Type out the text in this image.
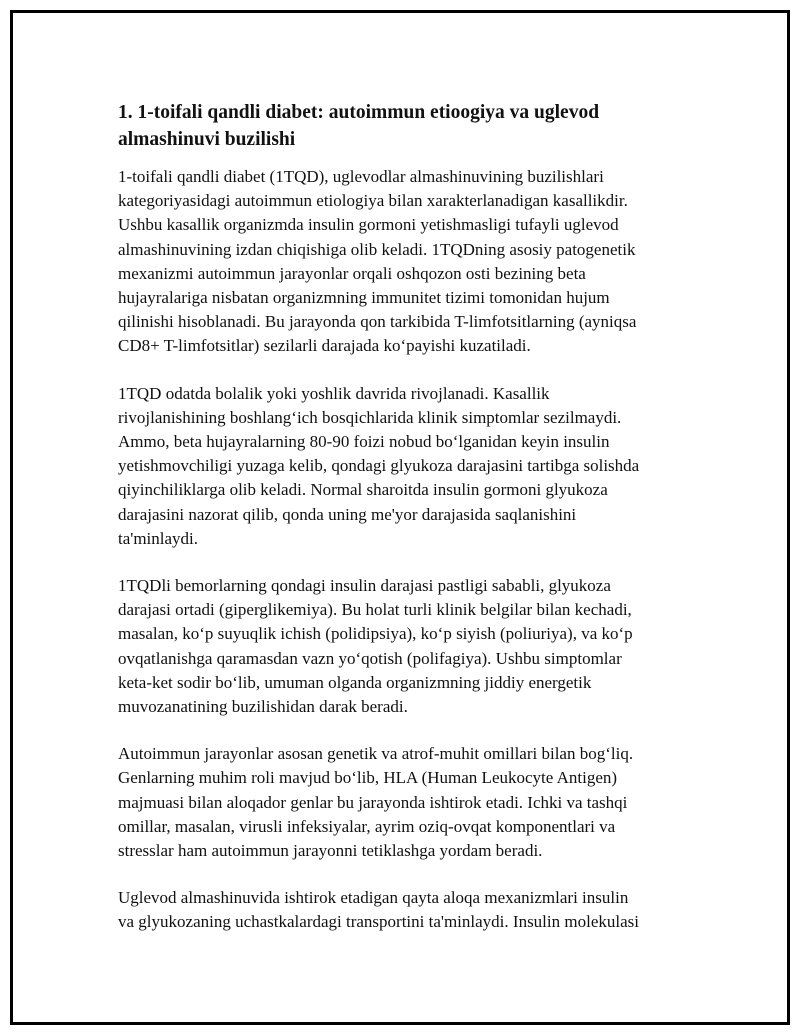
1. 1-toifali qandli diabet: autoimmun etioogiya va uglevod
almashinuvi buzilishi

1-toifali qandli diabet (1TQD), uglevodlar almashinuvining buzilishlari
kategoriyasidagi autoimmun etiologiya bilan xarakterlanadigan kasallikdir.
Ushbu kasallik organizmda insulin gormoni yetishmasligi tufayli uglevod
almashinuvining izdan chiqishiga olib keladi. 1TQDning asosiy patogenetik
mexanizmi autoimmun jarayonlar orqali oshqozon osti bezining beta
hujayralariga nisbatan organizmning immunitet tizimi tomonidan hujum
qilinishi hisoblanadi. Bu jarayonda qon tarkibida T-limfotsitlarning (ayniqsa
CD8+ T-limfotsitlar) sezilarli darajada koʻpayishi kuzatiladi.

1TQD odatda bolalik yoki yoshlik davrida rivojlanadi. Kasallik
rivojlanishining boshlangʻich bosqichlarida klinik simptomlar sezilmaydi.
Ammo, beta hujayralarning 80-90 foizi nobud boʻlganidan keyin insulin
yetishmovchiligi yuzaga kelib, qondagi glyukoza darajasini tartibga solishda
qiyinchiliklarga olib keladi. Normal sharoitda insulin gormoni glyukoza
darajasini nazorat qilib, qonda uning me'yor darajasida saqlanishini
ta'minlaydi.

1TQDli bemorlarning qondagi insulin darajasi pastligi sababli, glyukoza
darajasi ortadi (giperglikemiya). Bu holat turli klinik belgilar bilan kechadi,
masalan, koʻp suyuqlik ichish (polidipsiya), koʻp siyish (poliuriya), va koʻp
ovqatlanishga qaramasdan vazn yoʻqotish (polifagiya). Ushbu simptomlar
keta-ket sodir boʻlib, umuman olganda organizmning jiddiy energetik
muvozanatining buzilishidan darak beradi.

Autoimmun jarayonlar asosan genetik va atrof-muhit omillari bilan bogʻliq.
Genlarning muhim roli mavjud boʻlib, HLA (Human Leukocyte Antigen)
majmuasi bilan aloqador genlar bu jarayonda ishtirok etadi. Ichki va tashqi
omillar, masalan, virusli infeksiyalar, ayrim oziq-ovqat komponentlari va
stresslar ham autoimmun jarayonni tetiklashga yordam beradi.

Uglevod almashinuvida ishtirok etadigan qayta aloqa mexanizmlari insulin
va glyukozaning uchastkalardagi transportini ta'minlaydi. Insulin molekulasi
